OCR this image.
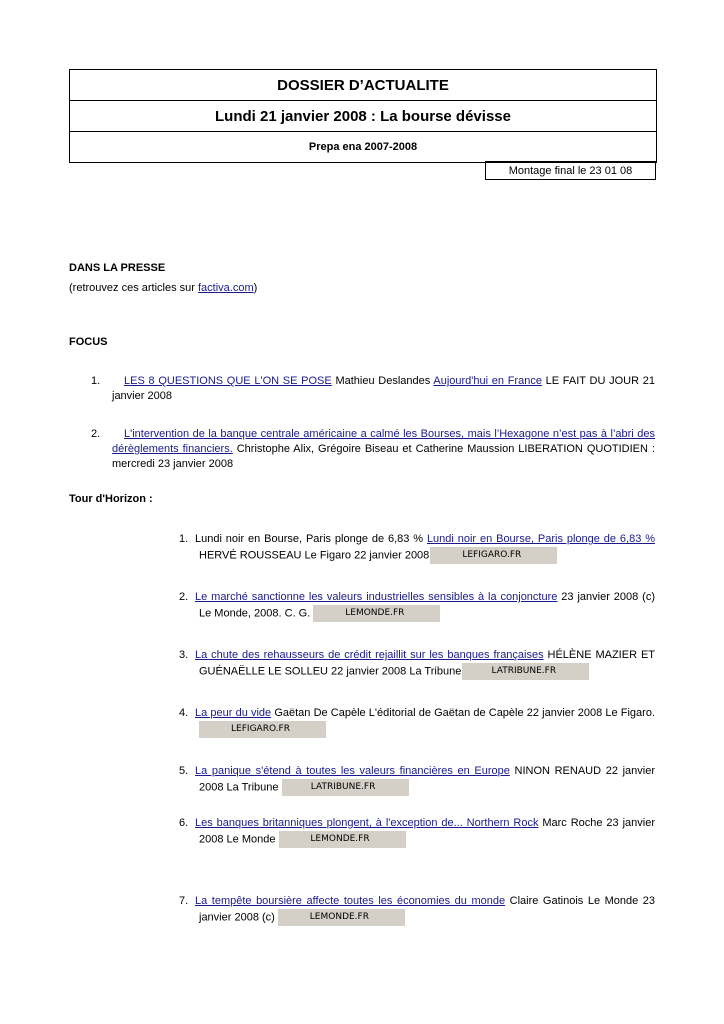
DOSSIER D’ACTUALITE
Lundi 21 janvier 2008 : La bourse dévisse
Prepa ena 2007-2008
Montage final le 23 01 08
DANS LA PRESSE
(retrouvez ces articles sur factiva.com)
FOCUS
1.	LES 8 QUESTIONS QUE L'ON SE POSE Mathieu Deslandes Aujourd'hui en France LE FAIT DU JOUR 21 janvier 2008
2.	L'intervention de la banque centrale américaine a calmé les Bourses, mais l’Hexagone n’est pas à l’abri des dérèglements financiers. Christophe Alix, Grégoire Biseau et Catherine Maussion LIBERATION QUOTIDIEN : mercredi 23 janvier 2008
Tour d'Horizon :
1. Lundi noir en Bourse, Paris plonge de 6,83 % Lundi noir en Bourse, Paris plonge de 6,83 % HERVÉ ROUSSEAU Le Figaro 22 janvier 2008	LEFIGARO.FR
2. Le marché sanctionne les valeurs industrielles sensibles à la conjoncture 23 janvier 2008 (c) Le Monde, 2008. C. G.	LEMONDE.FR
3. La chute des rehausseurs de crédit rejaillit sur les banques françaises HÉLÈNE MAZIER ET GUÉNAËLLE LE SOLLEU 22 janvier 2008 La Tribune	LATRIBUNE.FR
4. La peur du vide Gaëtan De Capèle L'éditorial de Gaëtan de Capèle 22 janvier 2008 Le Figaro. LEFIGARO.FR
5. La panique s'étend à toutes les valeurs financières en Europe NINON RENAUD 22 janvier 2008 La Tribune	LATRIBUNE.FR
6. Les banques britanniques plongent, à l'exception de... Northern Rock Marc Roche 23 janvier 2008 Le Monde	LEMONDE.FR
7. La tempête boursière affecte toutes les économies du monde Claire Gatinois Le Monde 23 janvier 2008 (c)	LEMONDE.FR
